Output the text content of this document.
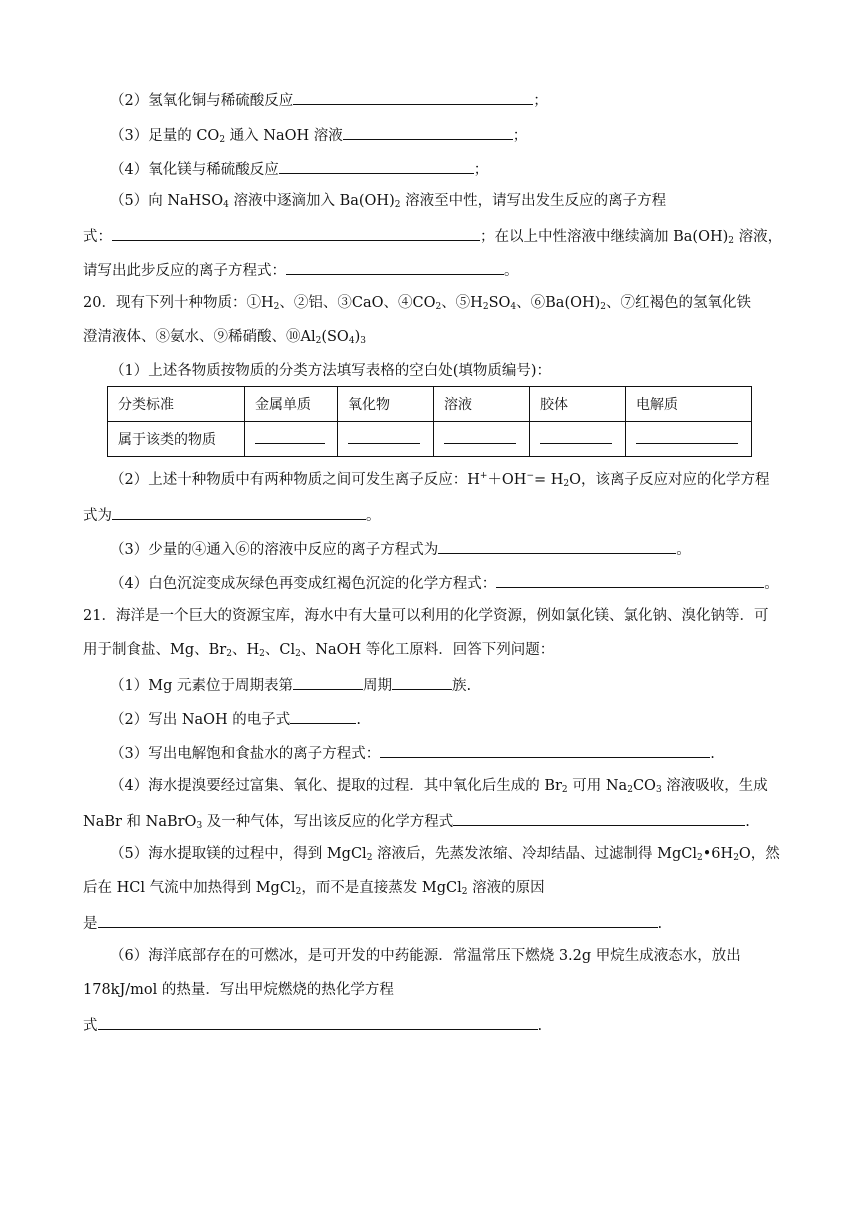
（2）氢氧化铜与稀硫酸反应	；
（3）足量的 $CO_2$ 通入 NaOH 溶液	；
（4）氧化镁与稀硫酸反应	；
（5）向 NaHSO$_4$ 溶液中逐滴加入 $Ba(OH)_2$ 溶液至中性，请写出发生反应的离子方程
式：	；在以上中性溶液中继续滴加 $Ba(OH)_2$ 溶液，
请写出此步反应的离子方程式：	。
20．现有下列十种物质：$①H_2$、②铝、③CaO、$④CO_2$、$⑤H_2SO_4$、$⑥Ba(OH)_2$、⑦红褐色的氢氧化铁
澄清液体、⑧氨水、⑨稀硝酸、$⑩Al_2(SO_4)_3$
（1）上述各物质按物质的分类方法填写表格的空白处(填物质编号)：
分类标准	金属单质	氧化物	溶液	胶体	电解质
属于该类的物质					
（2）上述十种物质中有两种物质之间可发生离子反应：$H^++OH^-= H_2O$，该离子反应对应的化学方程
式为	。
（3）少量的④通入⑥的溶液中反应的离子方程式为	。
（4）白色沉淀变成灰绿色再变成红褐色沉淀的化学方程式：	。
21．海洋是一个巨大的资源宝库，海水中有大量可以利用的化学资源，例如氯化镁、氯化钠、溴化钠等．可
用于制食盐、Mg、$Br_2$、$H_2$、$Cl_2$、NaOH 等化工原料．回答下列问题：
（1）Mg 元素位于周期表第	周期	族.
（2）写出 NaOH 的电子式	.
（3）写出电解饱和食盐水的离子方程式：	.
（4）海水提溴要经过富集、氧化、提取的过程．其中氧化后生成的 $Br_2$ 可用 $Na_2CO_3$ 溶液吸收，生成
NaBr 和 NaBrO$_3$ 及一种气体，写出该反应的化学方程式	.
（5）海水提取镁的过程中，得到 MgCl$_2$ 溶液后，先蒸发浓缩、冷却结晶、过滤制得 $MgCl_2•6H_2O$，然
后在 HCl 气流中加热得到 MgCl$_2$，而不是直接蒸发 MgCl$_2$ 溶液的原因
是	.
（6）海洋底部存在的可燃冰，是可开发的中药能源．常温常压下燃烧 3.2g 甲烷生成液态水，放出
178kJ/mol 的热量．写出甲烷燃烧的热化学方程
式	.
